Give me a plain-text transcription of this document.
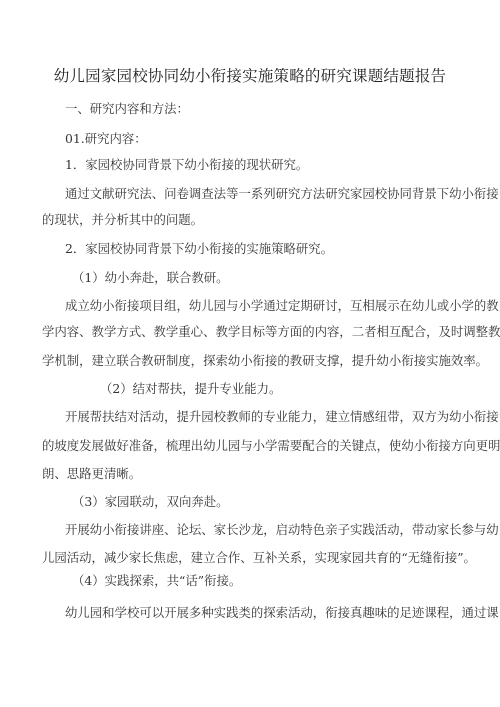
幼儿园家园校协同幼小衔接实施策略的研究课题结题报告
一、研究内容和方法：
01.研究内容：
1．家园校协同背景下幼小衔接的现状研究。
通过文献研究法、问卷调查法等一系列研究方法研究家园校协同背景下幼小衔接
的现状，并分析其中的问题。
2．家园校协同背景下幼小衔接的实施策略研究。
（1）幼小奔赴，联合教研。
成立幼小衔接项目组，幼儿园与小学通过定期研讨，互相展示在幼儿或小学的教
学内容、教学方式、教学重心、教学目标等方面的内容，二者相互配合，及时调整教
学机制，建立联合教研制度，探索幼小衔接的教研支撑，提升幼小衔接实施效率。
（2）结对帮扶，提升专业能力。
开展帮扶结对活动，提升园校教师的专业能力，建立情感纽带，双方为幼小衔接
的坡度发展做好准备，梳理出幼儿园与小学需要配合的关键点，使幼小衔接方向更明
朗、思路更清晰。
（3）家园联动，双向奔赴。
开展幼小衔接讲座、论坛、家长沙龙，启动特色亲子实践活动，带动家长参与幼
儿园活动，减少家长焦虑，建立合作、互补关系，实现家园共育的“无缝衔接”。
（4）实践探索，共“话”衔接。
幼儿园和学校可以开展多种实践类的探索活动，衔接真趣味的足迹课程，通过课
